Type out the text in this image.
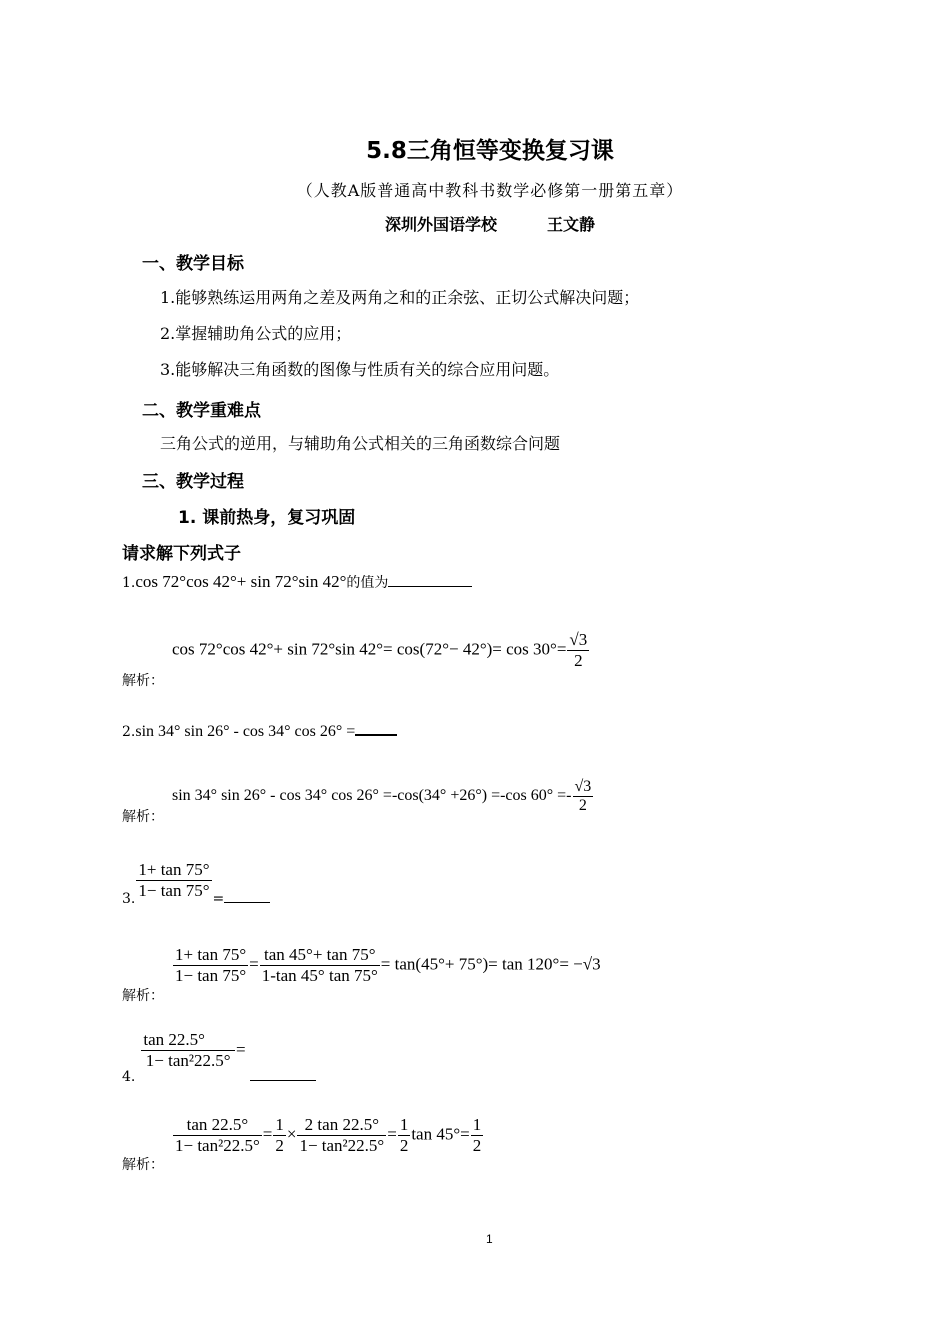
5.8三角恒等变换复习课
（人教A版普通高中教科书数学必修第一册第五章）
深圳外国语学校	王文静
一、教学目标
1.能够熟练运用两角之差及两角之和的正余弦、正切公式解决问题；
2.掌握辅助角公式的应用；
3.能够解决三角函数的图像与性质有关的综合应用问题。
二、教学重难点
三角公式的逆用，与辅助角公式相关的三角函数综合问题
三、教学过程
1. 课前热身，复习巩固
请求解下列式子
1.cos 72°cos 42°+ sin 72°sin 42°的值为
解析：
cos 72°cos 42°+ sin 72°sin $42^\circ= \cos(72^\circ- 42^\circ)= \cos 30^\circ= \frac{√3}{2}$
2.sin 34° sin 26° - cos 34° cos 26° =
解析：
sin 34° sin 26° - cos 34° cos 26° =-cos(34° +26°) =-cos $60^\circ =- \frac{√3}{2}$
3. $\frac{1+ \tan 75^\circ}{1- \tan 75^\circ}$ =
解析：
$\frac{1+ \tan 75^\circ}{1- \tan 75^\circ} = \frac{\tan 45^\circ+ \tan 75^\circ}{1-\tan 45^\circ \tan 75^\circ} = \tan(45^\circ+ 75^\circ)= \tan 120^\circ= -√3$
4.
$\frac{\tan 22.5^\circ}{\text{1− tan²22.5°}}$ =
解析：
$\frac{\tan 22.5^\circ}{\text{1− tan²22.5°}} = \frac{1}{2} \times \frac{2 \tan 22.5^\circ}{\text{1− tan²22.5°}} = \frac{1}{2}$ $\tan 45^\circ= \frac{1}{2}$
1
